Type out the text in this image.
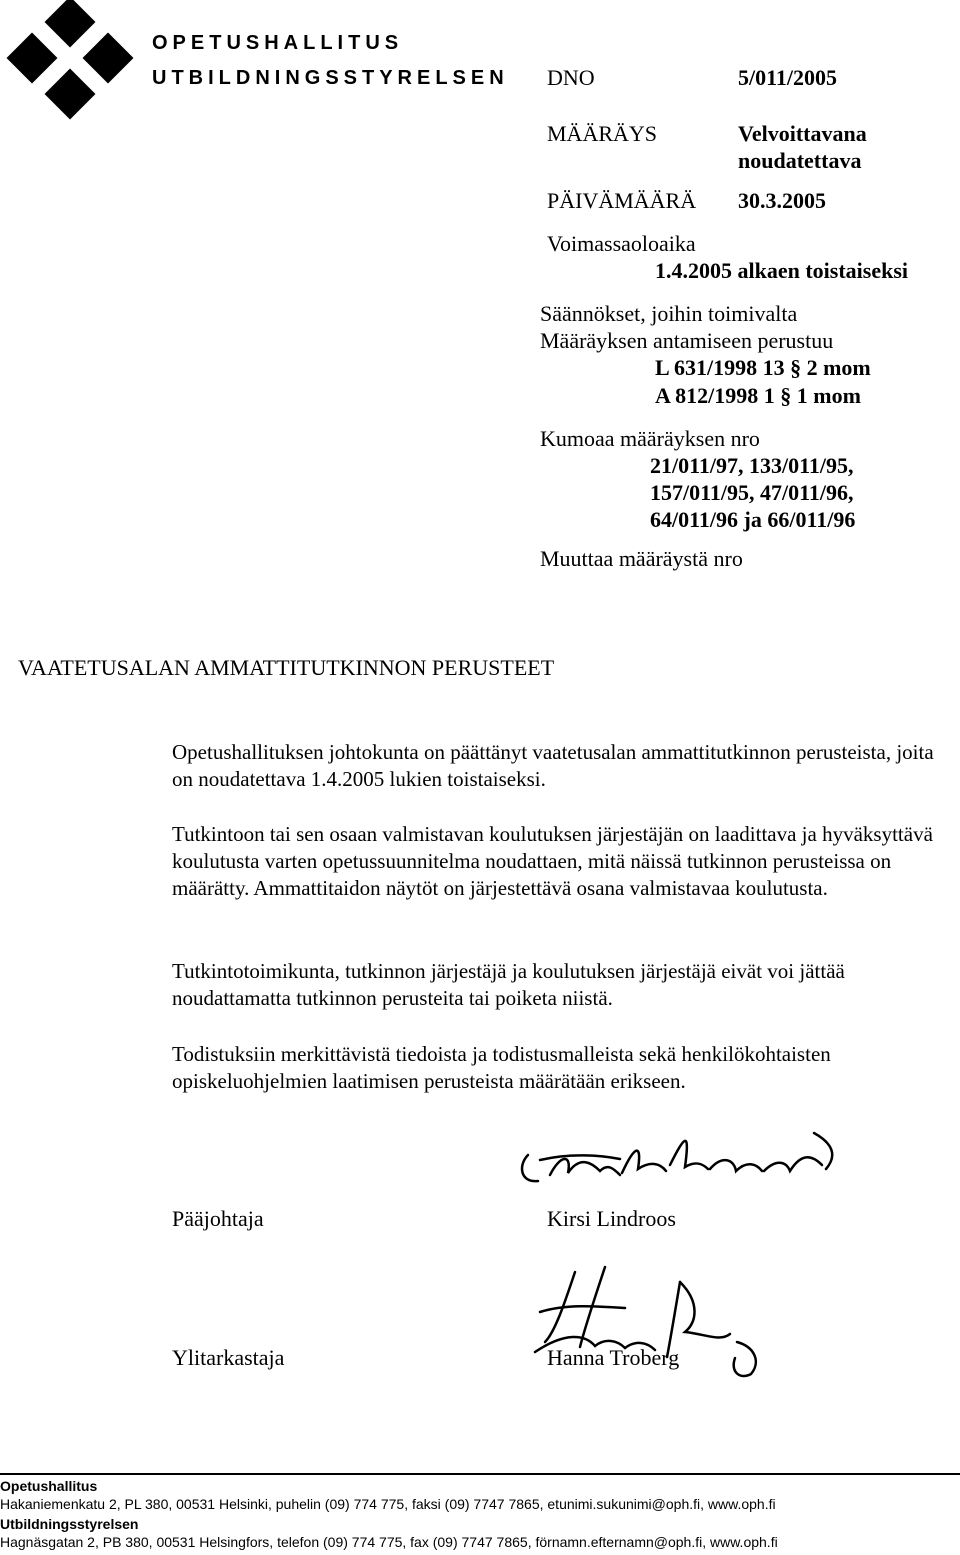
OPETUSHALLITUS
UTBILDNINGSSTYRELSEN DNO	5/011/2005
MÄÄRÄYS	Velvoittavana
noudatettava
PÄIVÄMÄÄRÄ 30.3.2005
Voimassaoloaika
1.4.2005 alkaen toistaiseksi
Säännökset, joihin toimivalta
Määräyksen antamiseen perustuu
L 631/1998 13 § 2 mom
A 812/1998 1 § 1 mom
Kumoaa määräyksen nro
21/011/97, 133/011/95,
157/011/95, 47/011/96,
64/011/96 ja 66/011/96
Muuttaa määräystä nro
VAATETUSALAN AMMATTITUTKINNON PERUSTEET
Opetushallituksen johtokunta on päättänyt vaatetusalan ammattitutkinnon perusteista, joita on noudatettava 1.4.2005 lukien toistaiseksi.
Tutkintoon tai sen osaan valmistavan koulutuksen järjestäjän on laadittava ja hyväksyttävä koulutusta varten opetussuunnitelma noudattaen, mitä näissä tutkinnon perusteissa on määrätty. Ammattitaidon näytöt on järjestettävä osana valmistavaa koulutusta.
Tutkintotoimikunta, tutkinnon järjestäjä ja koulutuksen järjestäjä eivät voi jättää noudattamatta tutkinnon perusteita tai poiketa niistä.
Todistuksiin merkittävistä tiedoista ja todistusmalleista sekä henkilökohtaisten opiskeluohjelmien laatimisen perusteista määrätään erikseen.
Pääjohtaja	Kirsi Lindroos
Ylitarkastaja	Hanna Troberg
Opetushallitus
Hakaniemenkatu 2, PL 380, 00531 Helsinki, puhelin (09) 774 775, faksi (09) 7747 7865, etunimi.sukunimi@oph.fi, www.oph.fi
Utbildningsstyrelsen
Hagnäsgatan 2, PB 380, 00531 Helsingfors, telefon (09) 774 775, fax (09) 7747 7865, förnamn.efternamn@oph.fi, www.oph.fi
